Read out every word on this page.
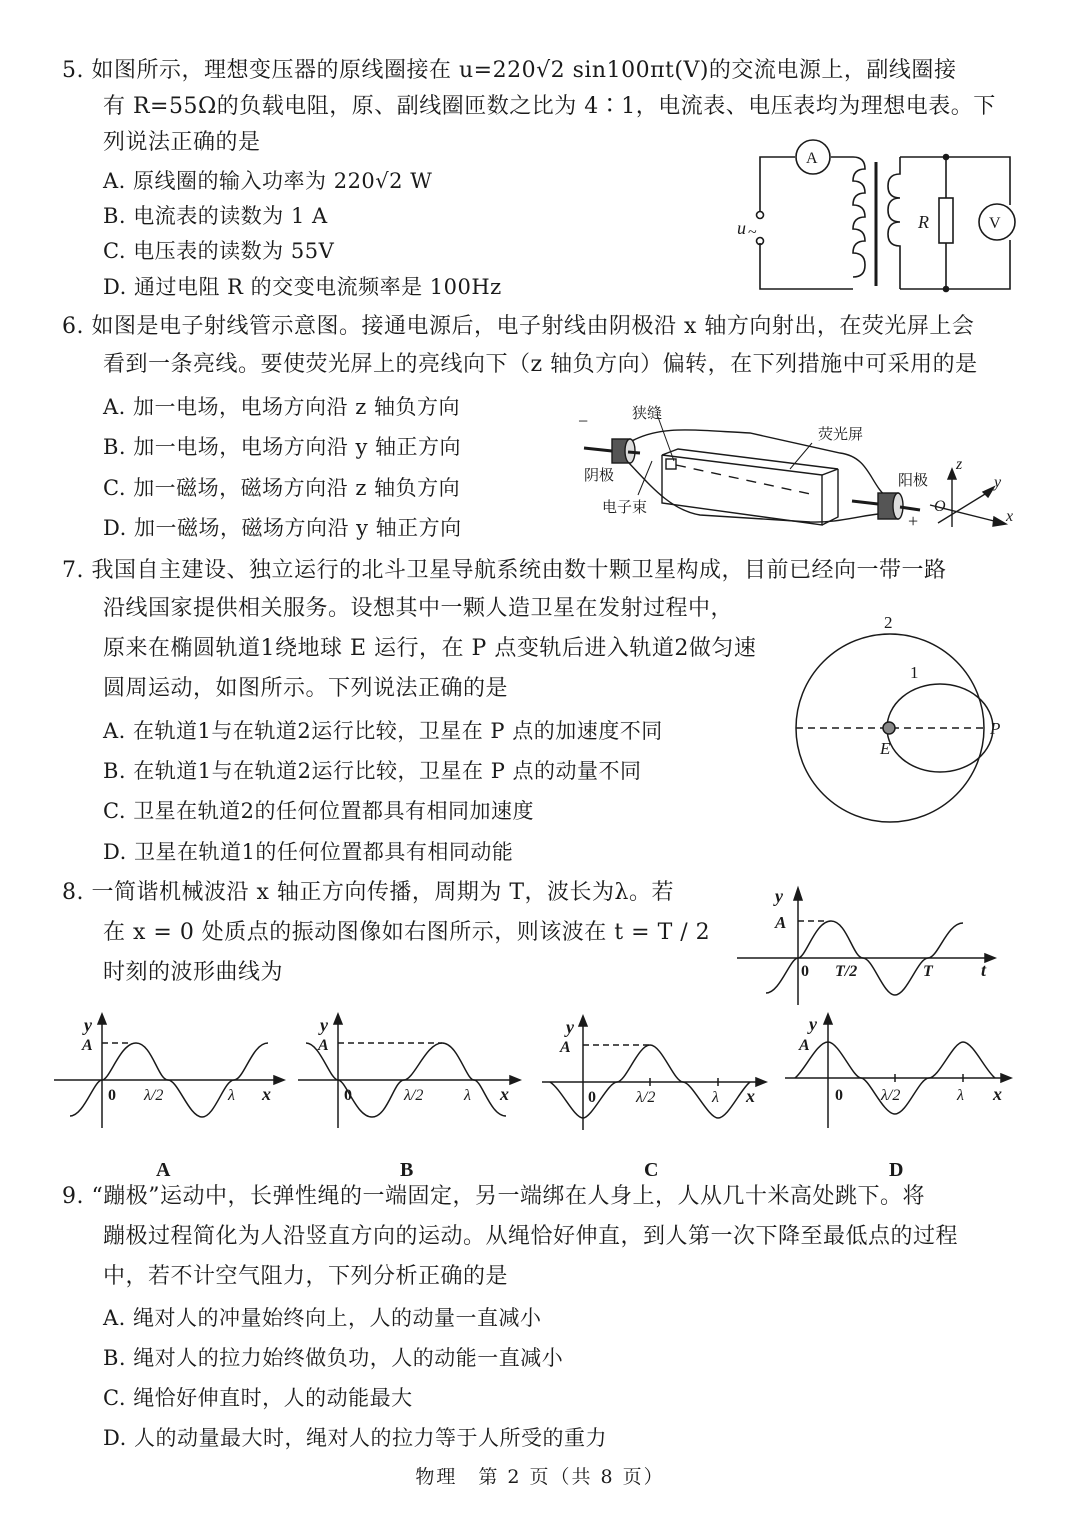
5. 如图所示，理想变压器的原线圈接在 u=220√2 sin100πt(V)的交流电源上，副线圈接
有 R=55Ω的负载电阻，原、副线圈匝数之比为 4∶1，电流表、电压表均为理想电表。下
列说法正确的是
A. 原线圈的输入功率为 220√2 W
B. 电流表的读数为 1 A
C. 电压表的读数为 55V
D. 通过电阻 R 的交变电流频率是 100Hz
A
V
R
u ~
6. 如图是电子射线管示意图。接通电源后，电子射线由阴极沿 x 轴方向射出，在荧光屏上会
看到一条亮线。要使荧光屏上的亮线向下（z 轴负方向）偏转，在下列措施中可采用的是
A. 加一电场，电场方向沿 z 轴负方向
B. 加一电场，电场方向沿 y 轴正方向
C. 加一磁场，磁场方向沿 z 轴负方向
D. 加一磁场，磁场方向沿 y 轴正方向
−	狭缝
荧光屏
阴极
电子束
阳极
+
z
y
x
O
7. 我国自主建设、独立运行的北斗卫星导航系统由数十颗卫星构成，目前已经向一带一路
沿线国家提供相关服务。设想其中一颗人造卫星在发射过程中，
原来在椭圆轨道1绕地球 E 运行，在 P 点变轨后进入轨道2做匀速
圆周运动，如图所示。下列说法正确的是
A. 在轨道1与在轨道2运行比较，卫星在 P 点的加速度不同
B. 在轨道1与在轨道2运行比较，卫星在 P 点的动量不同
C. 卫星在轨道2的任何位置都具有相同加速度
D. 卫星在轨道1的任何位置都具有相同动能
2
1
E
P
8. 一简谐机械波沿 x 轴正方向传播，周期为 T，波长为λ。若
在 x = 0 处质点的振动图像如右图所示，则该波在 t = T / 2
时刻的波形曲线为
y
A
0 T/2	T	t
y
A
0 λ/2	λ x
A
y
A
0	λ/2	λ x
B
y
A
0	λ/2	λ x
C
y
A
0 λ/2	λ x
D
9. “蹦极”运动中，长弹性绳的一端固定，另一端绑在人身上，人从几十米高处跳下。将
蹦极过程简化为人沿竖直方向的运动。从绳恰好伸直，到人第一次下降至最低点的过程
中，若不计空气阻力，下列分析正确的是
A. 绳对人的冲量始终向上，人的动量一直减小
B. 绳对人的拉力始终做负功，人的动能一直减小
C. 绳恰好伸直时，人的动能最大
D. 人的动量最大时，绳对人的拉力等于人所受的重力
物理　第 2 页（共 8 页）
